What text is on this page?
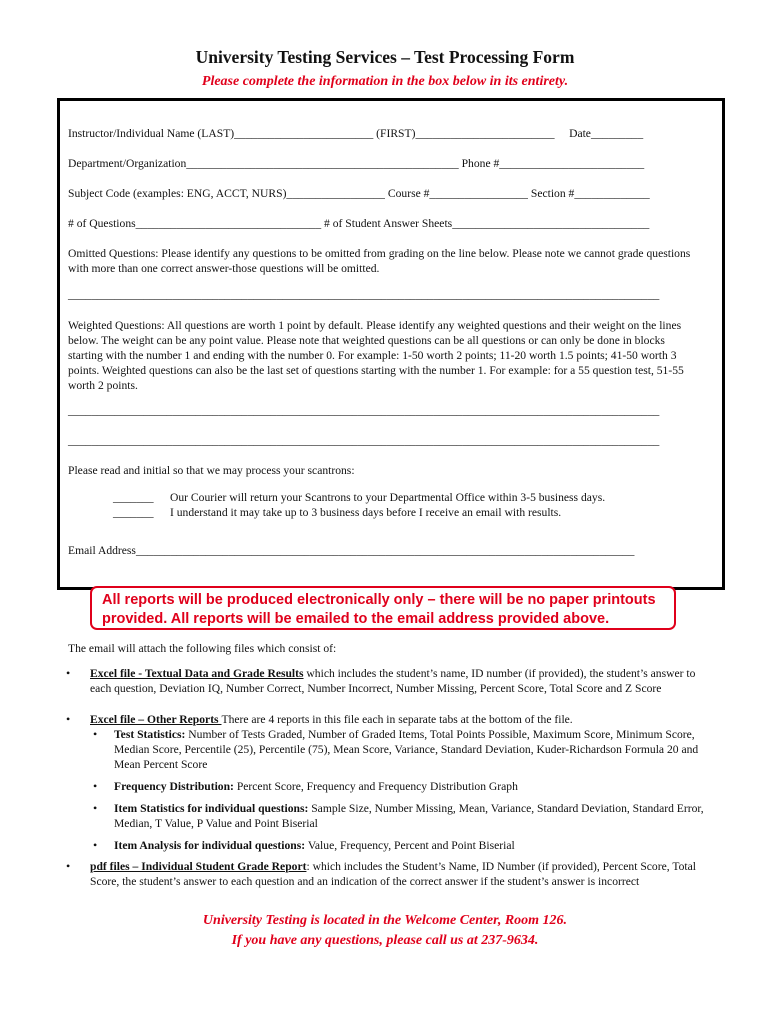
University Testing Services – Test Processing Form
Please complete the information in the box below in its entirety.
Instructor/Individual Name (LAST)________________________ (FIRST)________________________     Date_________
Department/Organization_______________________________________________ Phone #_________________________
Subject Code (examples: ENG, ACCT, NURS)_________________ Course #_________________ Section #_____________
# of Questions________________________________ # of Student Answer Sheets__________________________________
Omitted Questions: Please identify any questions to be omitted from grading on the line below. Please note we cannot grade questions with more than one correct answer-those questions will be omitted.
______________________________________________________________________________________________________
Weighted Questions: All questions are worth 1 point by default. Please identify any weighted questions and their weight on the lines below. The weight can be any point value. Please note that weighted questions can be all questions or can only be done in blocks starting with the number 1 and ending with the number 0. For example: 1-50 worth 2 points; 11-20 worth 1.5 points; 41-50 worth 3 points. Weighted questions can also be the last set of questions starting with the number 1. For example: for a 55 question test, 51-55 worth 2 points.
______________________________________________________________________________________________________
______________________________________________________________________________________________________
Please read and initial so that we may process your scantrons:
_______ Our Courier will return your Scantrons to your Departmental Office within 3-5 business days.
_______ I understand it may take up to 3 business days before I receive an email with results.
Email Address______________________________________________________________________________________
All reports will be produced electronically only – there will be no paper printouts
provided. All reports will be emailed to the email address provided above.
The email will attach the following files which consist of:
• Excel file - Textual Data and Grade Results which includes the student’s name, ID number (if provided), the student’s answer to each question, Deviation IQ, Number Correct, Number Incorrect, Number Missing, Percent Score, Total Score and Z Score
• Excel file – Other Reports There are 4 reports in this file each in separate tabs at the bottom of the file.
• Test Statistics: Number of Tests Graded, Number of Graded Items, Total Points Possible, Maximum Score, Minimum Score, Median Score, Percentile (25), Percentile (75), Mean Score, Variance, Standard Deviation, Kuder-Richardson Formula 20 and Mean Percent Score
• Frequency Distribution: Percent Score, Frequency and Frequency Distribution Graph
• Item Statistics for individual questions: Sample Size, Number Missing, Mean, Variance, Standard Deviation, Standard Error, Median, T Value, P Value and Point Biserial
• Item Analysis for individual questions: Value, Frequency, Percent and Point Biserial
• pdf files – Individual Student Grade Report: which includes the Student’s Name, ID Number (if provided), Percent Score, Total Score, the student’s answer to each question and an indication of the correct answer if the student’s answer is incorrect
University Testing is located in the Welcome Center, Room 126.
If you have any questions, please call us at 237-9634.
